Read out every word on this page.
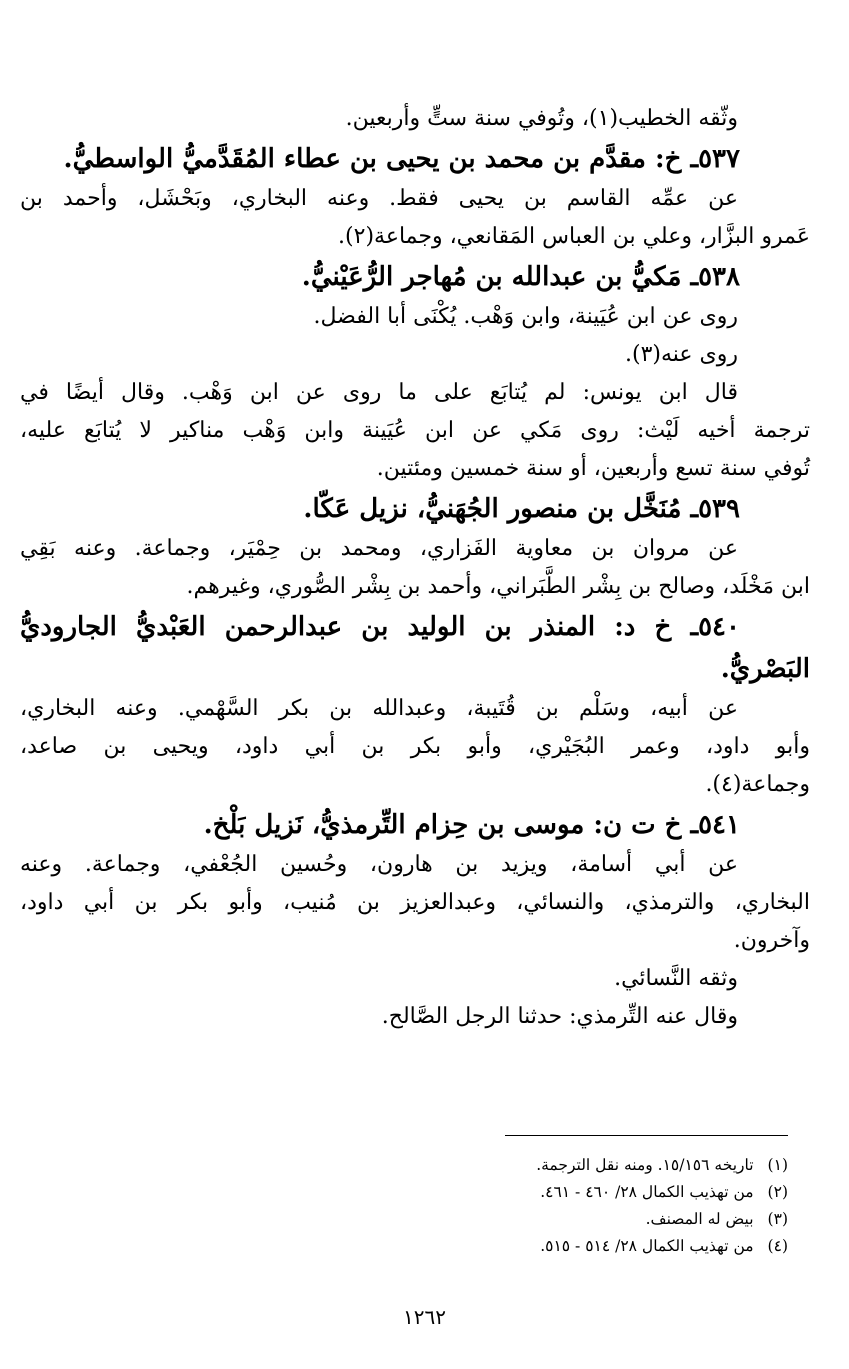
وثّقه الخطيب(١)، وتُوفي سنة ستٍّ وأربعين.
٥٣٧ـ خ: مقدَّم بن محمد بن يحيى بن عطاء المُقَدَّميُّ الواسطيُّ.
عن عمِّه القاسم بن يحيى فقط. وعنه البخاري، وبَحْشَل، وأحمد بن
عَمرو البزَّار، وعلي بن العباس المَقانعي، وجماعة(٢).
٥٣٨ـ مَكيُّ بن عبدالله بن مُهاجر الرُّعَيْنيُّ.
روى عن ابن عُيَينة، وابن وَهْب. يُكْنَى أبا الفضل.
روى عنه(٣).
قال ابن يونس: لم يُتابَع على ما روى عن ابن وَهْب. وقال أيضًا في
ترجمة أخيه لَيْث: روى مَكي عن ابن عُيَينة وابن وَهْب مناكير لا يُتابَع عليه،
تُوفي سنة تسع وأربعين، أو سنة خمسين ومئتين.
٥٣٩ـ مُنَخَّل بن منصور الجُهَنيُّ، نزيل عَكّا.
عن مروان بن معاوية الفَزاري، ومحمد بن حِمْيَر، وجماعة. وعنه بَقِي
ابن مَخْلَد، وصالح بن بِشْر الطَّبَراني، وأحمد بن بِشْر الصُّوري، وغيرهم.
٥٤٠ـ خ د: المنذر بن الوليد بن عبدالرحمن العَبْديُّ الجاروديُّ
البَصْريُّ.
عن أبيه، وسَلْم بن قُتَيبة، وعبدالله بن بكر السَّهْمي. وعنه البخاري،
وأبو داود، وعمر البُجَيْري، وأبو بكر بن أبي داود، ويحيى بن صاعد،
وجماعة(٤).
٥٤١ـ خ ت ن: موسى بن حِزام التِّرمذيُّ، نَزيل بَلْخ.
عن أبي أسامة، ويزيد بن هارون، وحُسين الجُعْفي، وجماعة. وعنه
البخاري، والترمذي، والنسائي، وعبدالعزيز بن مُنيب، وأبو بكر بن أبي داود،
وآخرون.
وثقه النَّسائي.
وقال عنه التِّرمذي: حدثنا الرجل الصَّالح.
(١)تاريخه ١٥/١٥٦. ومنه نقل الترجمة.
(٢)من تهذيب الكمال ٢٨/ ٤٦٠ - ٤٦١.
(٣)بيض له المصنف.
(٤)من تهذيب الكمال ٢٨/ ٥١٤ - ٥١٥.
١٢٦٢
